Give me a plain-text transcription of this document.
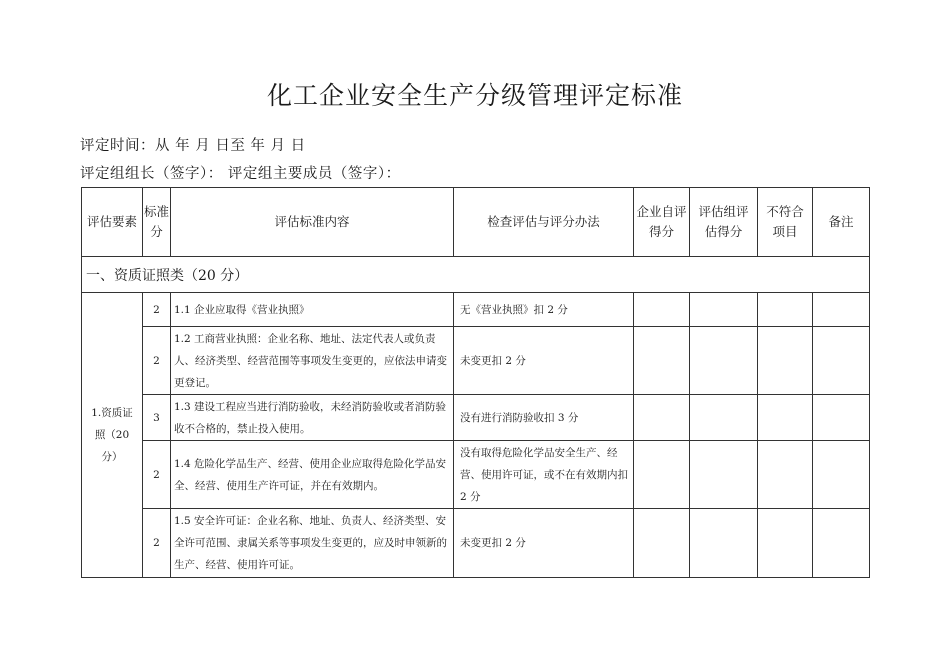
化工企业安全生产分级管理评定标准
评定时间：从 年 月 日至 年 月 日
评定组组长（签字）： 评定组主要成员（签字）：
评估要素	标准分	评估标准内容	检查评估与评分办法	企业自评得分	评估组评估得分	不符合项目	备注
一、资质证照类（20 分）							
1.资质证照（20分）	2	1.1 企业应取得《营业执照》	无《营业执照》扣 2 分				
	2	1.2 工商营业执照：企业名称、地址、法定代表人或负责人、经济类型、经营范围等事项发生变更的，应依法申请变更登记。	未变更扣 2 分				
	3	1.3 建设工程应当进行消防验收，未经消防验收或者消防验收不合格的，禁止投入使用。	没有进行消防验收扣 3 分				
	2	1.4 危险化学品生产、经营、使用企业应取得危险化学品安全、经营、使用生产许可证，并在有效期内。	没有取得危险化学品安全生产、经营、使用许可证，或不在有效期内扣 2 分				
	2	1.5 安全许可证：企业名称、地址、负责人、经济类型、安全许可范围、隶属关系等事项发生变更的，应及时申领新的生产、经营、使用许可证。	未变更扣 2 分				
